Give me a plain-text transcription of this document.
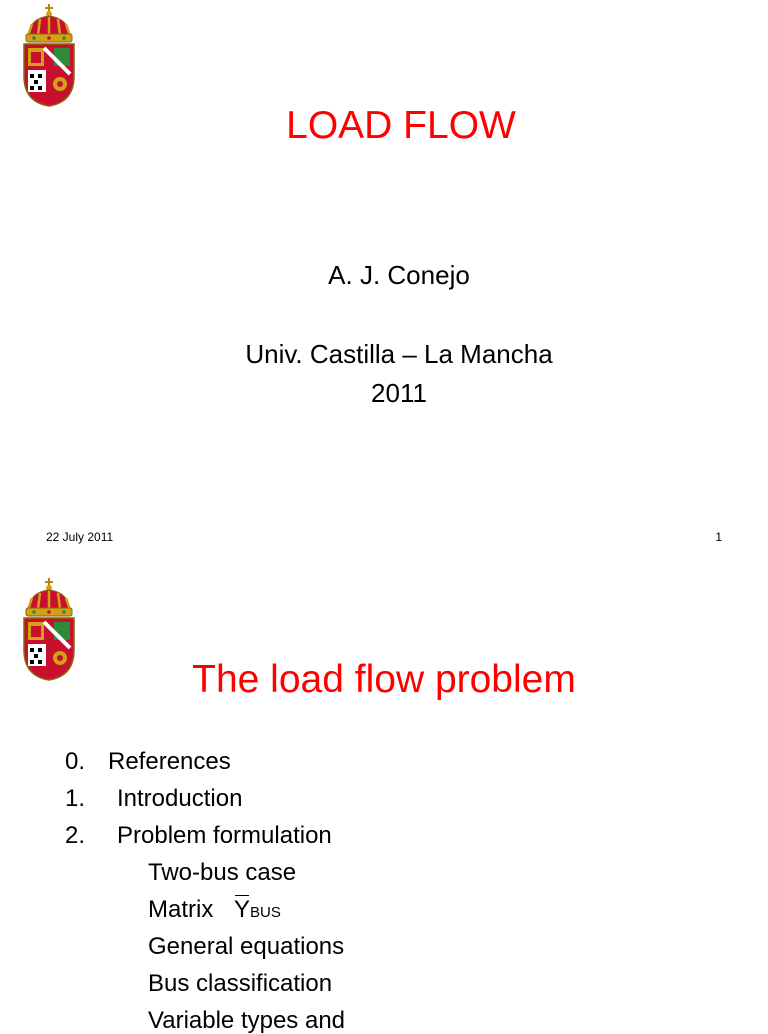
LOAD FLOW
A. J. Conejo
Univ. Castilla – La Mancha
2011
22 July 2011	1
The load flow problem
0. References
1. Introduction
2. Problem formulation
Two-bus case
Matrix YBUS
General equations
Bus classification
Variable types and
